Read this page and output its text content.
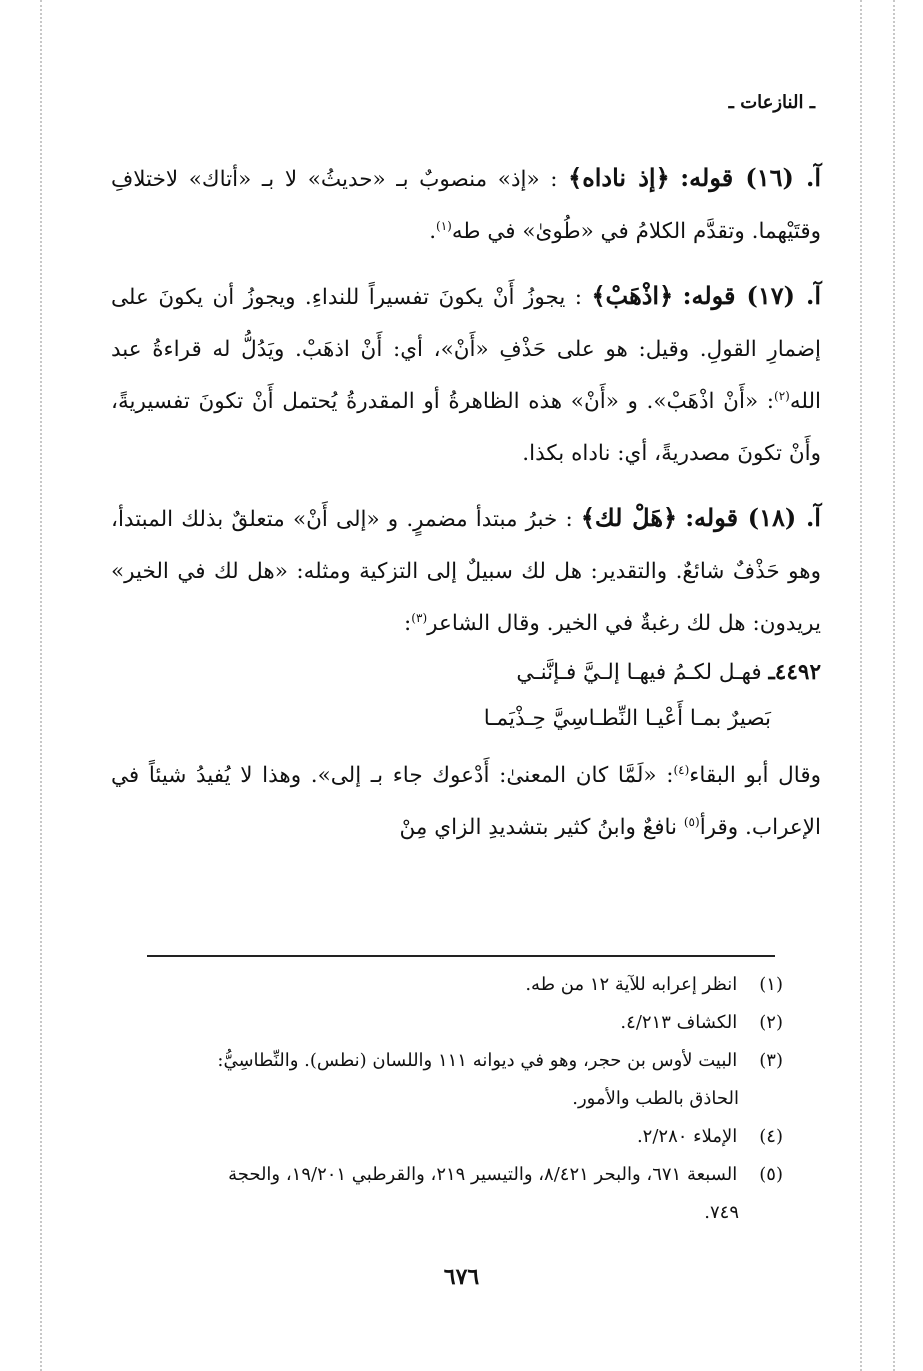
ـ النازعات ـ

آ. (١٦) قوله: ﴿إذ ناداه﴾ : «إذ» منصوبٌ بـ «حديثُ» لا بـ «أتاك» لاختلافِ وقتَيْهما. وتقدَّم الكلامُ في «طُوىٰ» في طه$^{(١)}$.

آ. (١٧) قوله: ﴿اذْهَبْ﴾ : يجوزُ أَنْ يكونَ تفسيراً للنداءِ. ويجوزُ أن يكونَ على إضمارِ القولِ. وقيل: هو على حَذْفِ «أَنْ»، أي: أَنْ اذهَبْ. ويَدُلُّ له قراءةُ عبد الله$^{(٢)}$: «أَنْ اذْهَبْ». و «أَنْ» هذه الظاهرةُ أو المقدرةُ يُحتمل أَنْ تكونَ تفسيريةً، وأَنْ تكونَ مصدريةً، أي: ناداه بكذا.

آ. (١٨) قوله: ﴿هَلْ لك﴾ : خبرُ مبتدأ مضمرٍ. و «إلى أَنْ» متعلقٌ بذلك المبتدأ، وهو حَذْفٌ شائعٌ. والتقدير: هل لك سبيلٌ إلى التزكية ومثله: «هل لك في الخير» يريدون: هل لك رغبةٌ في الخير. وقال الشاعر$^{(٣)}$:

٤٤٩٢ـ فهـل لكـمُ فيهـا إلـيَّ فـإنَّنـي
بَصيرٌ بمـا أَعْيـا النِّطـاسِيَّ حِـذْيَمـا

وقال أبو البقاء$^{(٤)}$: «لَمَّا كان المعنىٰ: أَدْعوك جاء بـ إلى». وهذا لا يُفيدُ شيئاً في الإعراب. وقرأ$^{(٥)}$ نافعٌ وابنُ كثير بتشديدِ الزاي مِنْ

(١) انظر إعرابه للآية ١٢ من طه.

(٢) الكشاف ٤/٢١٣.

(٣) البيت لأوس بن حجر، وهو في ديوانه ١١١ واللسان (نطس). والنِّطاسِيُّ:

الحاذق بالطب والأمور.

(٤) الإملاء ٢/٢٨٠.

(٥) السبعة ٦٧١، والبحر ٨/٤٢١، والتيسير ٢١٩، والقرطبي ١٩/٢٠١، والحجة

٧٤٩.

٦٧٦
